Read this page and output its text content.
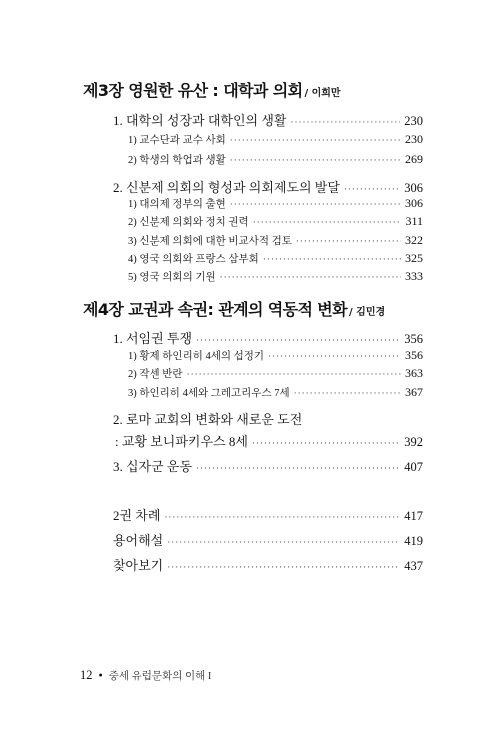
제3장 영원한 유산 : 대학과 의회 / 이희만
1. 대학의 성장과 대학인의 생활 ·····	230
1) 교수단과 교수 사회 ·····	230
2) 학생의 학업과 생활 ·····	269
2. 신분제 의회의 형성과 의회제도의 발달 ·····	306
1) 대의제 정부의 출현 ·····	306
2) 신분제 의회와 정치 권력 ·····	311
3) 신분제 의회에 대한 비교사적 검토 ·····	322
4) 영국 의회와 프랑스 삼부회 ·····	325
5) 영국 의회의 기원 ·····	333
제4장 교권과 속권: 관계의 역동적 변화 / 김민경
1. 서임권 투쟁 ·····	356
1) 황제 하인리히 4세의 섭정기 ·····	356
2) 작센 반란 ·····	363
3) 하인리히 4세와 그레고리우스 7세 ·····	367
2. 로마 교회의 변화와 새로운 도전
: 교황 보니파키우스 8세 ·····	392
3. 십자군 운동 ·····	407
2권 차례 ·····	417
용어해설 ·····	419
찾아보기 ·····	437
12 ● 중세 유럽문화의 이해 I
